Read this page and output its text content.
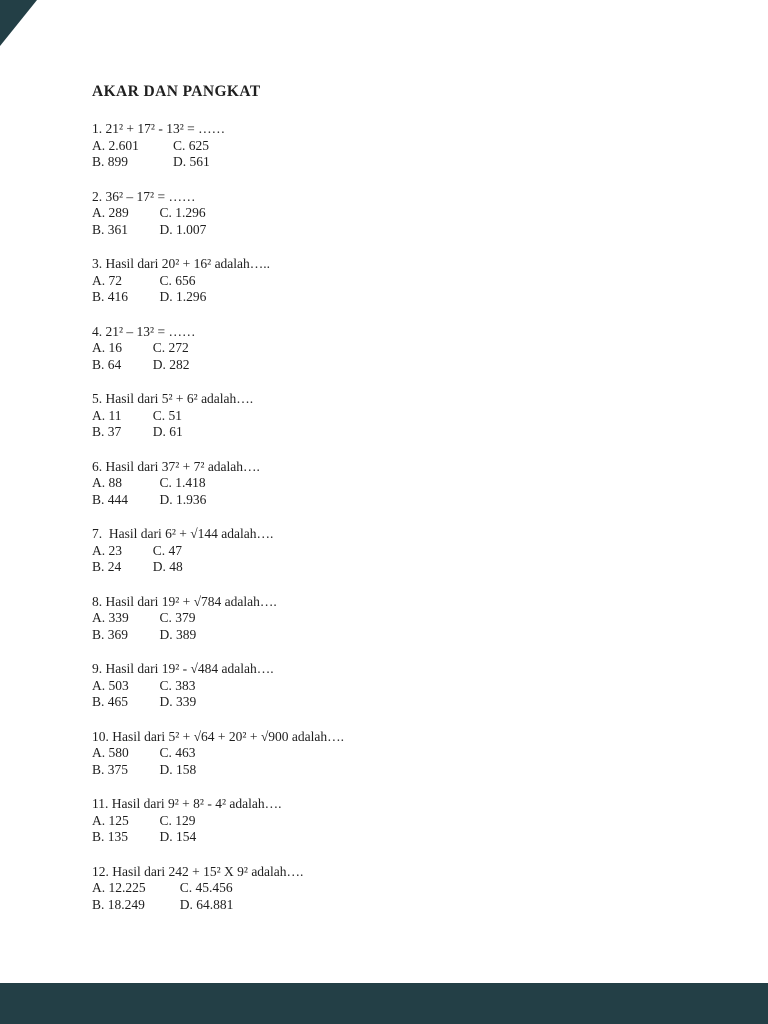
AKAR DAN PANGKAT
1. 21² + 17² - 13² = ……
A. 2.601	C. 625
B. 899	D. 561
2. 36² – 17² = ……
A. 289 C. 1.296
B. 361 D. 1.007
3. Hasil dari 20² + 16² adalah…..
A. 72	C. 656
B. 416 D. 1.296
4. 21² – 13² = ……
A. 16 C. 272
B. 64 D. 282
5. Hasil dari 5² + 6² adalah….
A. 11 C. 51
B. 37 D. 61
6. Hasil dari 37² + 7² adalah….
A. 88	C. 1.418
B. 444 D. 1.936
7.  Hasil dari 6² + √144 adalah….
A. 23 C. 47
B. 24 D. 48
8. Hasil dari 19² + √784 adalah….
A. 339 C. 379
B. 369 D. 389
9. Hasil dari 19² - √484 adalah….
A. 503 C. 383
B. 465 D. 339
10. Hasil dari 5² + √64 + 20² + √900 adalah….
A. 580 C. 463
B. 375 D. 158
11. Hasil dari 9² + 8² - 4² adalah….
A. 125 C. 129
B. 135 D. 154
12. Hasil dari 242 + 15² X 9² adalah….
A. 12.225	C. 45.456
B. 18.249	D. 64.881
